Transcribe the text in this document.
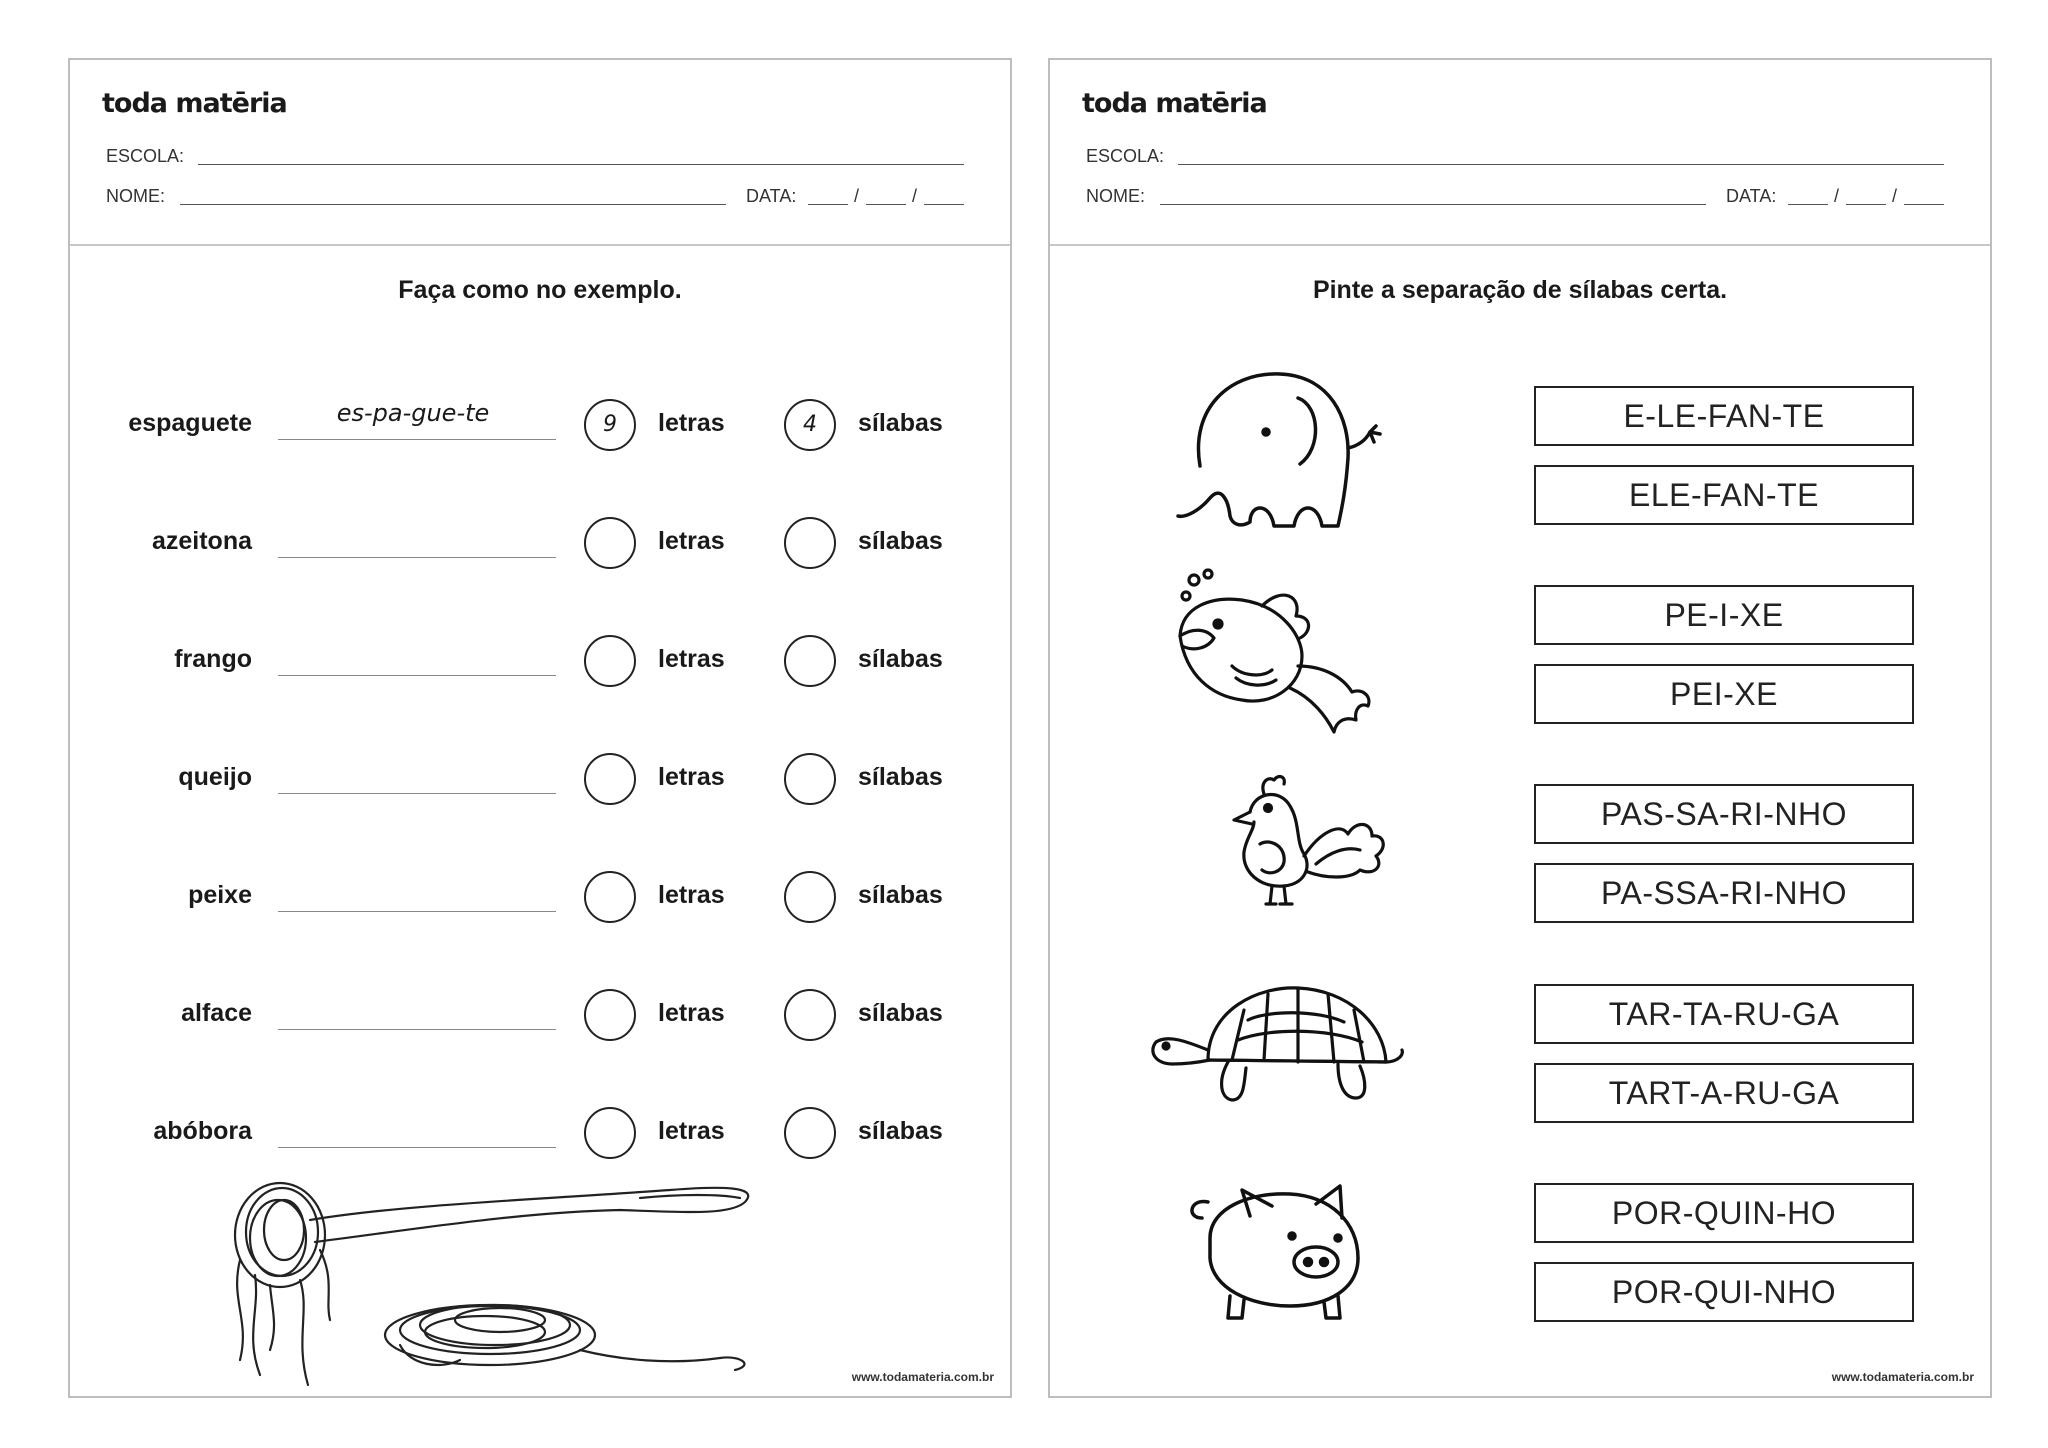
toda matēria
ESCOLA:
NOME:	DATA:	/	/
Faça como no exemplo.
espaguete	es-pa-gue-te	9	letras	4	sílabas
azeitona	letras	sílabas
frango	letras	sílabas
queijo	letras	sílabas
peixe	letras	sílabas
alface	letras	sílabas
abóbora	letras	sílabas
www.todamateria.com.br
toda matēria
ESCOLA:
NOME:	DATA:	/	/
Pinte a separação de sílabas certa.
E-LE-FAN-TE
ELE-FAN-TE
PE-I-XE
PEI-XE
PAS-SA-RI-NHO
PA-SSA-RI-NHO
TAR-TA-RU-GA
TART-A-RU-GA
POR-QUIN-HO
POR-QUI-NHO
www.todamateria.com.br
